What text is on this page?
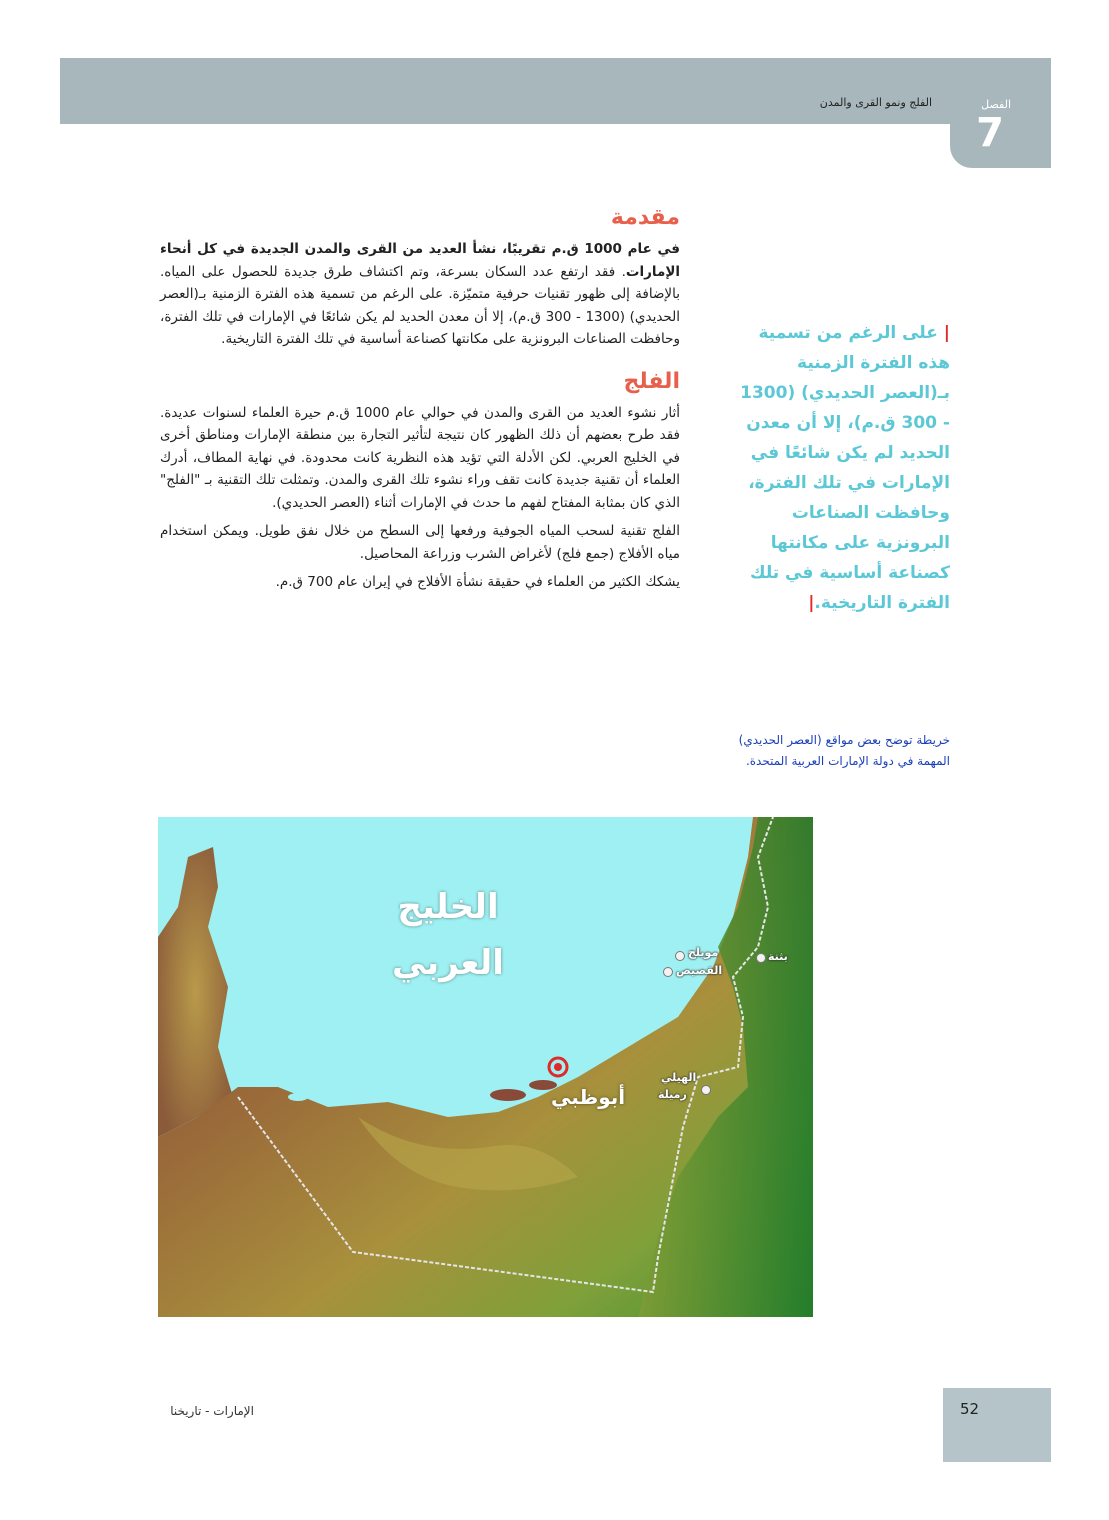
الفلج ونمو القرى والمدن	الفصل
7
مقدمة

في عام 1000 ق.م تقريبًا، نشأ العديد من القرى والمدن الجديدة في كل أنحاء الإمارات. فقد ارتفع عدد السكان بسرعة، وتم اكتشاف طرق جديدة للحصول على المياه. بالإضافة إلى ظهور تقنيات حرفية متميّزة. على الرغم من تسمية هذه الفترة الزمنية بـ(العصر الحديدي) (1300 - 300 ق.م)، إلا أن معدن الحديد لم يكن شائعًا في الإمارات في تلك الفترة، وحافظت الصناعات البرونزية على مكانتها كصناعة أساسية في تلك الفترة التاريخية.

الفلج

أثار نشوء العديد من القرى والمدن في حوالي عام 1000 ق.م حيرة العلماء لسنوات عديدة. فقد طرح بعضهم أن ذلك الظهور كان نتيجة لتأثير التجارة بين منطقة الإمارات ومناطق أخرى في الخليج العربي. لكن الأدلة التي تؤيد هذه النظرية كانت محدودة. في نهاية المطاف، أدرك العلماء أن تقنية جديدة كانت تقف وراء نشوء تلك القرى والمدن. وتمثلت تلك التقنية بـ "الفلج" الذي كان بمثابة المفتاح لفهم ما حدث في الإمارات أثناء (العصر الحديدي).

الفلج تقنية لسحب المياه الجوفية ورفعها إلى السطح من خلال نفق طويل. ويمكن استخدام مياه الأفلاج (جمع فلج) لأغراض الشرب وزراعة المحاصيل.

يشكك الكثير من العلماء في حقيقة نشأة الأفلاج في إيران عام 700 ق.م.

| على الرغم من تسمية هذه الفترة الزمنية بـ(العصر الحديدي) (1300 - 300 ق.م)، إلا أن معدن الحديد لم يكن شائعًا في الإمارات في تلك الفترة، وحافظت الصناعات البرونزية على مكانتها كصناعة أساسية في تلك الفترة التاريخية.|
خريطة توضح بعض مواقع (العصر الحديدي) المهمة في دولة الإمارات العربية المتحدة.
الخليج
العربي
أبوظبي
مويلح
القصيص
بثنة
الهيلي
رميلة
52
الإمارات - تاريخنا
